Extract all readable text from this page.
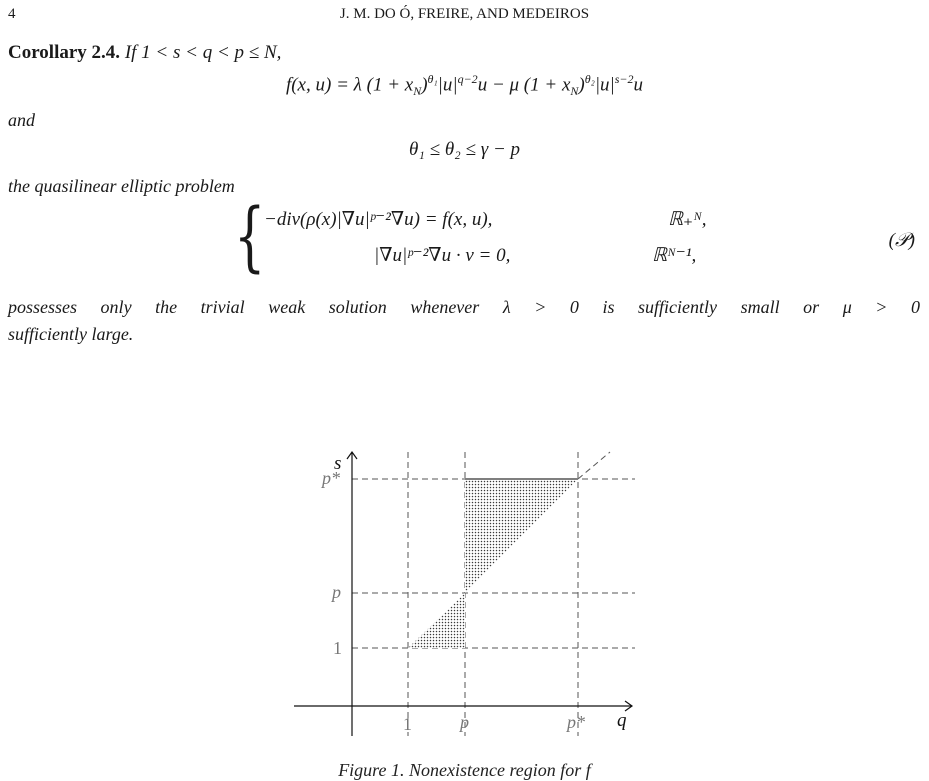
4	J. M. DO Ó, FREIRE, AND MEDEIROS
Corollary 2.4. If 1 < s < q < p ≤ N,
f(x, u) = λ $(1 + x_N)^{\theta_1}|u|^{q-2}u - \mu$ $(1 + x_N)^{\theta_2}|u|^{s-2}u$
and
θ₁ ≤ θ₂ ≤ γ − p
the quasilinear elliptic problem
{
−div(ρ(x)|∇u|ᵖ⁻²∇u) = f(x, u),	ℝ₊ᴺ,
|∇u|ᵖ⁻²∇u · ν = 0,	ℝᴺ⁻¹,
(𝒫)
possesses only the trivial weak solution whenever λ > 0 is sufficiently small or μ > 0
sufficiently large.
s
q
1	p	p*
1
p
p*
Figure 1. Nonexistence region for f
